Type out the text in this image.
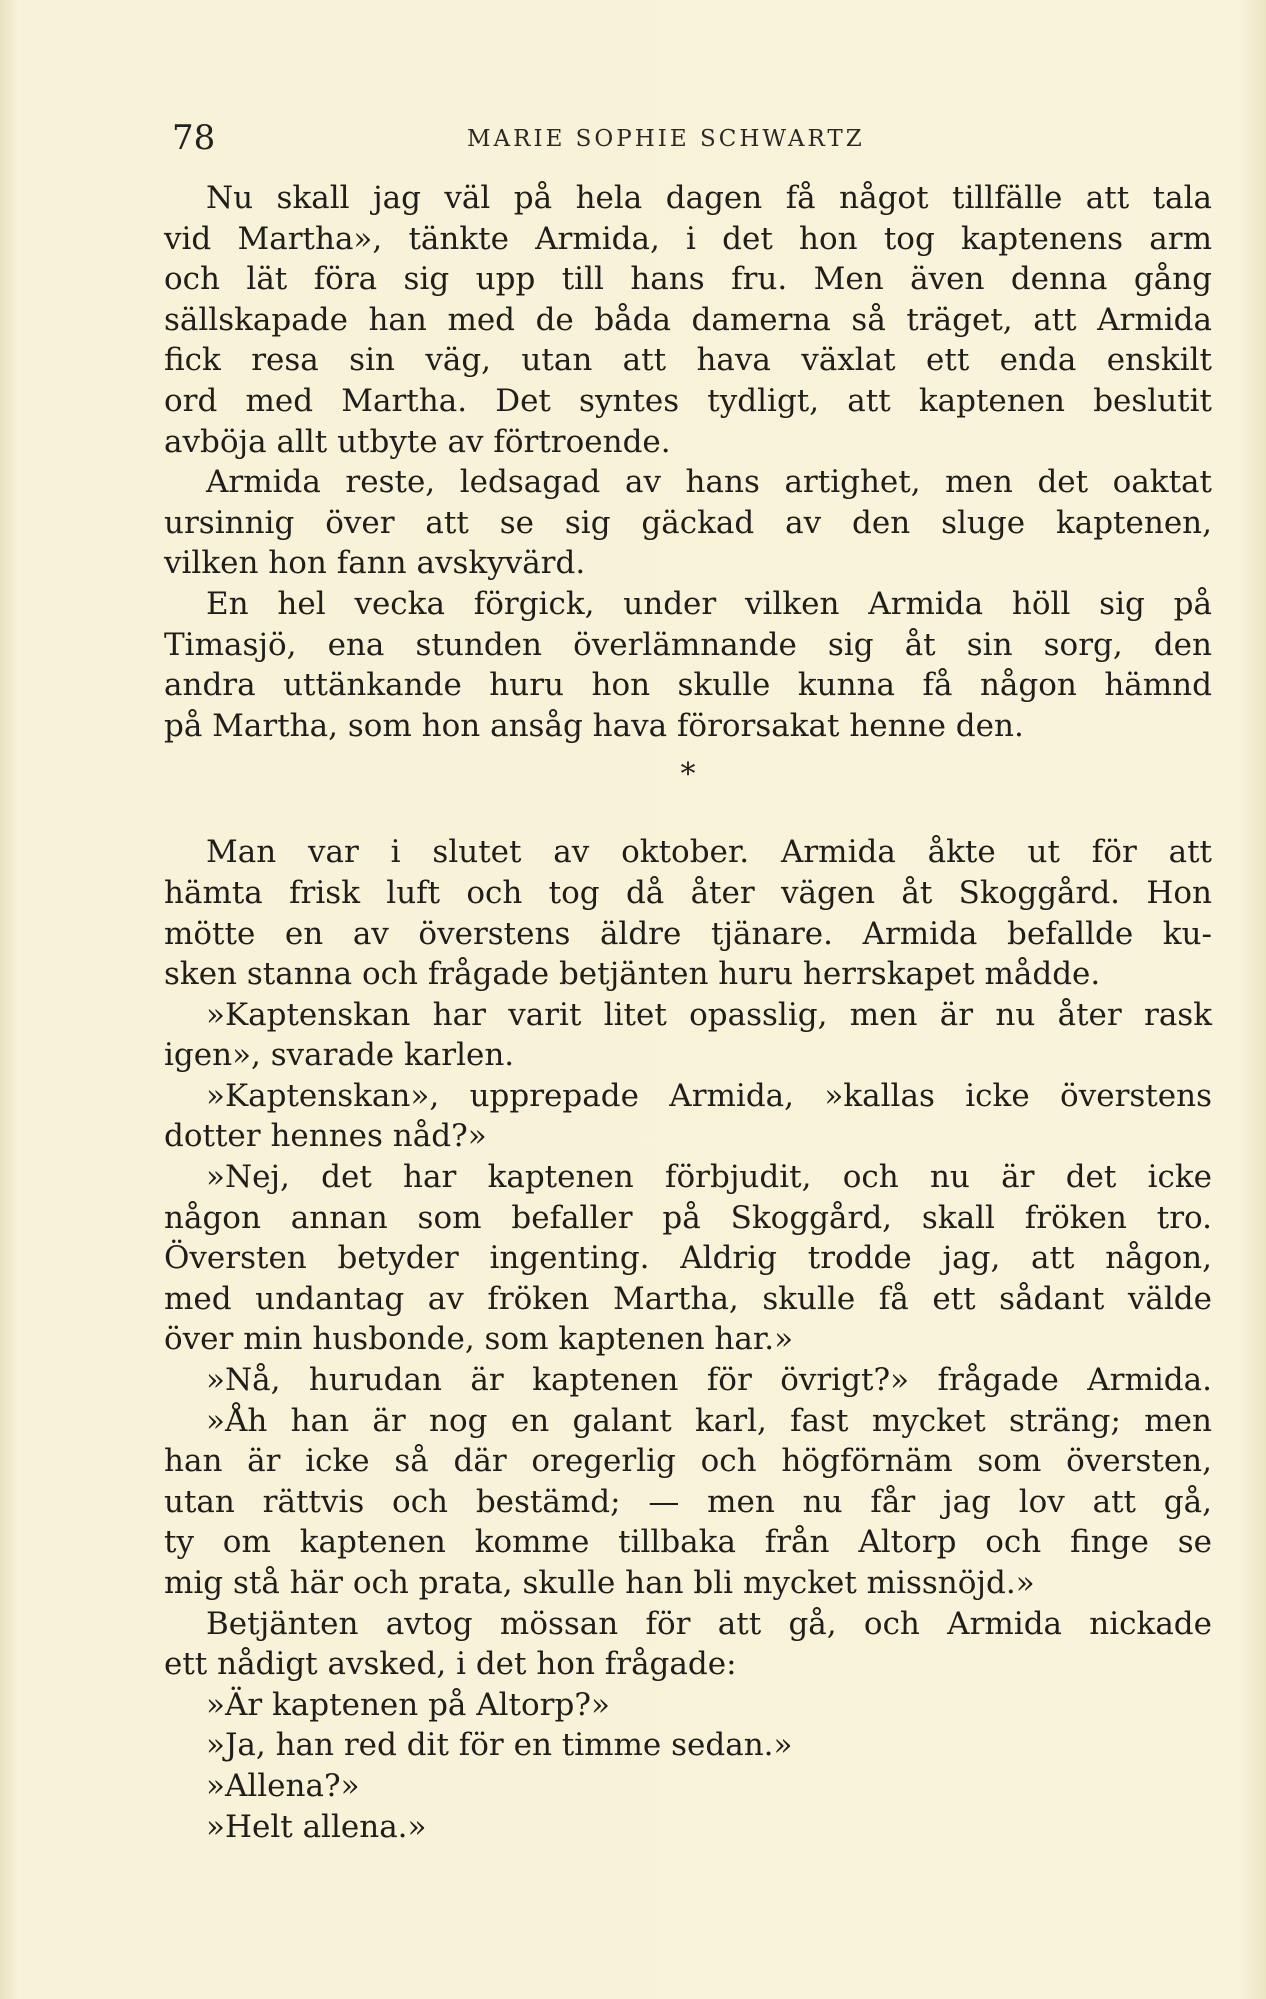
78	MARIE SOPHIE SCHWARTZ
Nu skall jag väl på hela dagen få något tillfälle att tala
vid Martha», tänkte Armida, i det hon tog kaptenens arm
och lät föra sig upp till hans fru. Men även denna gång
sällskapade han med de båda damerna så träget, att Armida
fick resa sin väg, utan att hava växlat ett enda enskilt
ord med Martha. Det syntes tydligt, att kaptenen beslutit
avböja allt utbyte av förtroende.
Armida reste, ledsagad av hans artighet, men det oaktat
ursinnig över att se sig gäckad av den sluge kaptenen,
vilken hon fann avskyvärd.
En hel vecka förgick, under vilken Armida höll sig på
Timasjö, ena stunden överlämnande sig åt sin sorg, den
andra uttänkande huru hon skulle kunna få någon hämnd
på Martha, som hon ansåg hava förorsakat henne den.
*
Man var i slutet av oktober. Armida åkte ut för att
hämta frisk luft och tog då åter vägen åt Skoggård. Hon
mötte en av överstens äldre tjänare. Armida befallde ku-
sken stanna och frågade betjänten huru herrskapet mådde.
»Kaptenskan har varit litet opasslig, men är nu åter rask
igen», svarade karlen.
»Kaptenskan», upprepade Armida, »kallas icke överstens
dotter hennes nåd?»
»Nej, det har kaptenen förbjudit, och nu är det icke
någon annan som befaller på Skoggård, skall fröken tro.
Översten betyder ingenting. Aldrig trodde jag, att någon,
med undantag av fröken Martha, skulle få ett sådant välde
över min husbonde, som kaptenen har.»
»Nå, hurudan är kaptenen för övrigt?» frågade Armida.
»Åh han är nog en galant karl, fast mycket sträng; men
han är icke så där oregerlig och högförnäm som översten,
utan rättvis och bestämd; — men nu får jag lov att gå,
ty om kaptenen komme tillbaka från Altorp och finge se
mig stå här och prata, skulle han bli mycket missnöjd.»
Betjänten avtog mössan för att gå, och Armida nickade
ett nådigt avsked, i det hon frågade:
»Är kaptenen på Altorp?»
»Ja, han red dit för en timme sedan.»
»Allena?»
»Helt allena.»
